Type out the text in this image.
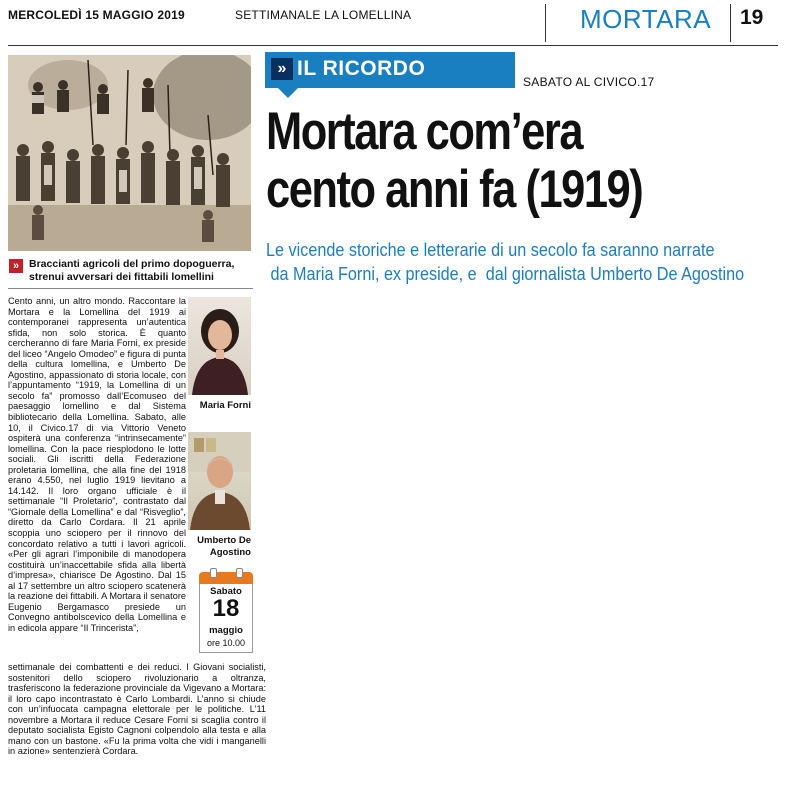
MERCOLEDÌ 15 MAGGIO 2019	SETTIMANALE LA LOMELLINA	MORTARA 19
» Braccianti agricoli del primo dopoguerra, strenui avversari dei fittabili lomellini
» IL RICORDO
SABATO AL CIVICO.17
Mortara com’era
cento anni fa (1919)
Le vicende storiche e letterarie di un secolo fa saranno narrate
da Maria Forni, ex preside, e  dal giornalista Umberto De Agostino
Cento anni, un altro mondo. Raccontare la Mortara e la Lomellina del 1919 ai contemporanei rappresenta un’autentica sfida, non solo storica. È quanto cercheranno di fare Maria Forni, ex preside del liceo “Angelo Omodeo” e figura di punta della cultura lomellina, e Umberto De Agostino, appassionato di storia locale, con l’appuntamento “1919, la Lomellina di un secolo fa” promosso dall’Ecomuseo del paesaggio lomellino e dal Sistema bibliotecario della Lomellina. Sabato, alle 10, il Civico.17 di via Vittorio Veneto ospiterà una conferenza “intrinsecamente” lomellina. Con la pace riesplodono le lotte sociali. Gli iscritti della Federazione proletaria lomellina, che alla fine del 1918 erano 4.550, nel luglio 1919 lievitano a 14.142. Il loro organo ufficiale è il settimanale “Il Proletario”, contrastato dal “Giornale della Lomellina” e dal “Risveglio”, diretto da Carlo Cordara. Il 21 aprile scoppia uno sciopero per il rinnovo del concordato relativo a tutti i lavori agricoli. «Per gli agrari l’imponibile di manodopera costituirà un’inaccettabile sfida alla libertà d’impresa», chiarisce De Agostino. Dal 15 al 17 settembre un altro sciopero scatenerà la reazione dei fittabili. A Mortara il senatore Eugenio Bergamasco presiede un Convegno antibolscevico della Lomellina e in edicola appare “Il Trincerista”,
settimanale dei combattenti e dei reduci. I Giovani socialisti, sostenitori dello sciopero rivoluzionario a oltranza, trasferiscono la federazione provinciale da Vigevano a Mortara: il loro capo incontrastato è Carlo Lombardi. L’anno si chiude con un’infuocata campagna elettorale per le politiche. L’11 novembre a Mortara il reduce Cesare Forni si scaglia contro il deputato socialista Egisto Cagnoni colpendolo alla testa e alla mano con un bastone. «Fu la prima volta che vidi i manganelli in azione» sentenzierà Cordara.
Maria Forni
Umberto De Agostino
Sabato
18
maggio
ore 10.00
